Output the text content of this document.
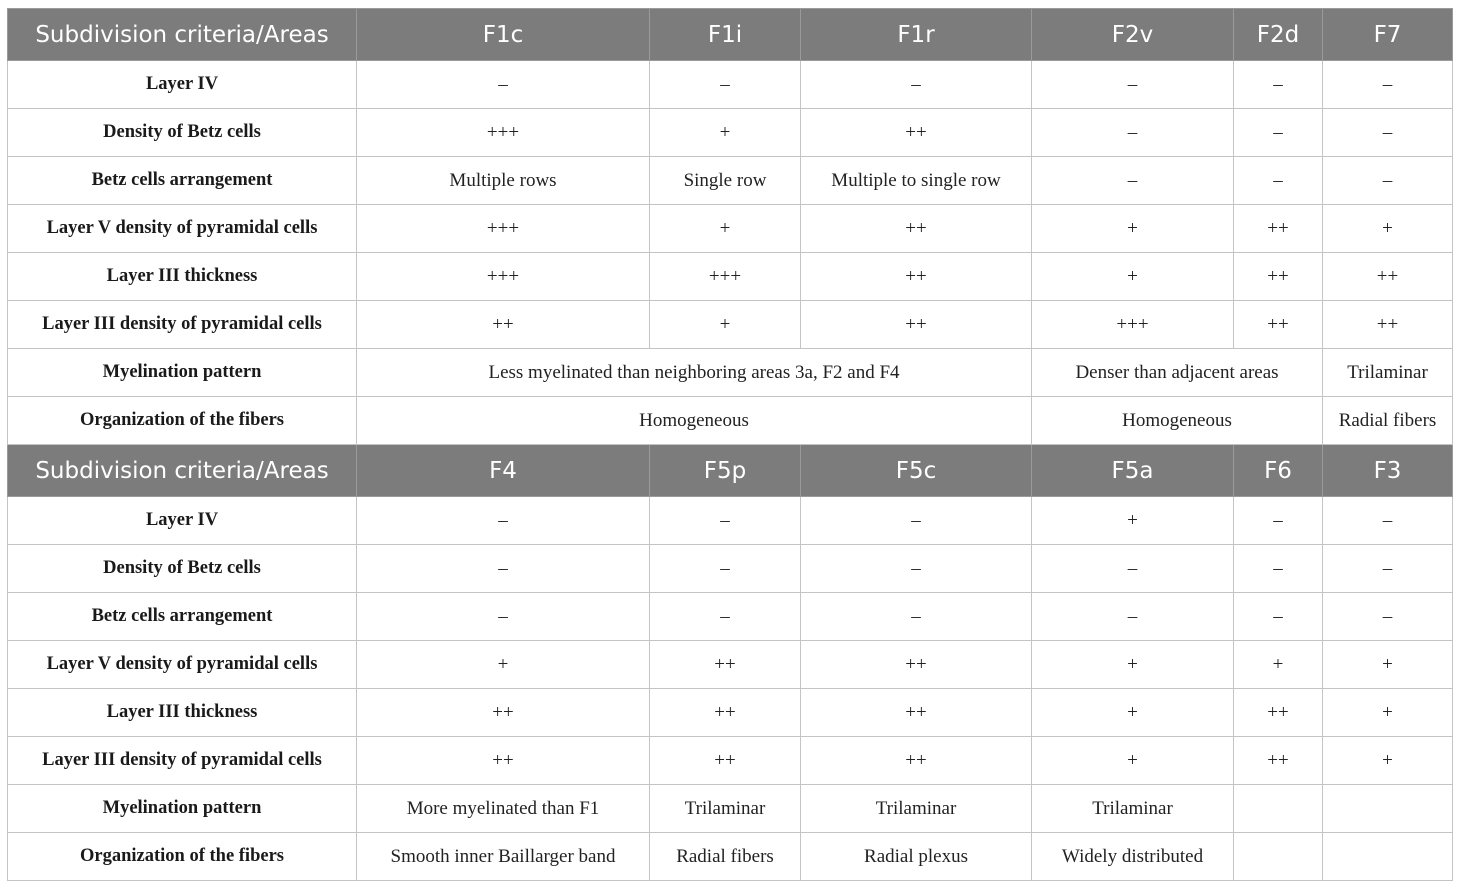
Subdivision criteria/Areas	F1c	F1i	F1r	F2v	F2d	F7
Layer IV	–	–	–	–	–	–
Density of Betz cells	+++	+	++	–	–	–
Betz cells arrangement	Multiple rows	Single row	Multiple to single row	–	–	–
Layer V density of pyramidal cells	+++	+	++	+	++	+
Layer III thickness	+++	+++	++	+	++	++
Layer III density of pyramidal cells	++	+	++	+++	++	++
Myelination pattern	Less myelinated than neighboring areas 3a, F2 and F4			Denser than adjacent areas		Trilaminar
Organization of the fibers	Homogeneous			Homogeneous		Radial fibers
Subdivision criteria/Areas	F4	F5p	F5c	F5a	F6	F3
Layer IV	–	–	–	+	–	–
Density of Betz cells	–	–	–	–	–	–
Betz cells arrangement	–	–	–	–	–	–
Layer V density of pyramidal cells	+	++	++	+	+	+
Layer III thickness	++	++	++	+	++	+
Layer III density of pyramidal cells	++	++	++	+	++	+
Myelination pattern	More myelinated than F1	Trilaminar	Trilaminar	Trilaminar		
Organization of the fibers	Smooth inner Baillarger band	Radial fibers	Radial plexus	Widely distributed		
